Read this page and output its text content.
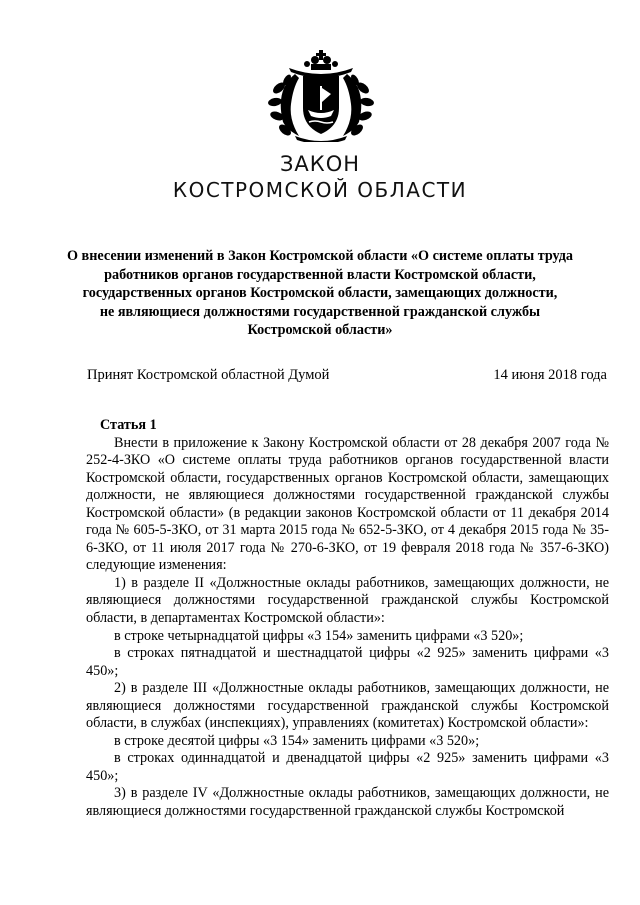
ЗАКОН
КОСТРОМСКОЙ ОБЛАСТИ
О внесении изменений в Закон Костромской области «О системе оплаты труда
работников органов государственной власти Костромской области,
государственных органов Костромской области, замещающих должности,
не являющиеся должностями государственной гражданской службы
Костромской области»
Принят Костромской областной Думой	14 июня 2018 года
Статья 1

Внести в приложение к Закону Костромской области от 28 декабря 2007 года № 252-4-ЗКО «О системе оплаты труда работников органов государственной власти Костромской области, государственных органов Костромской области, замещающих должности, не являющиеся должностями государственной гражданской службы Костромской области» (в редакции законов Костромской области от 11 декабря 2014 года № 605-5-ЗКО, от 31 марта 2015 года № 652-5-ЗКО, от 4 декабря 2015 года № 35-6-ЗКО, от 11 июля 2017 года № 270-6-ЗКО, от 19 февраля 2018 года № 357-6-ЗКО) следующие изменения:

1) в разделе II «Должностные оклады работников, замещающих должности, не являющиеся должностями государственной гражданской службы Костромской области, в департаментах Костромской области»:

в строке четырнадцатой цифры «3 154» заменить цифрами «3 520»;

в строках пятнадцатой и шестнадцатой цифры «2 925» заменить цифрами «3 450»;

2) в разделе III «Должностные оклады работников, замещающих должности, не являющиеся должностями государственной гражданской службы Костромской области, в службах (инспекциях), управлениях (комитетах) Костромской области»:

в строке десятой цифры «3 154» заменить цифрами «3 520»;

в строках одиннадцатой и двенадцатой цифры «2 925» заменить цифрами «3 450»;

3) в разделе IV «Должностные оклады работников, замещающих должности, не являющиеся должностями государственной гражданской службы Костромской
